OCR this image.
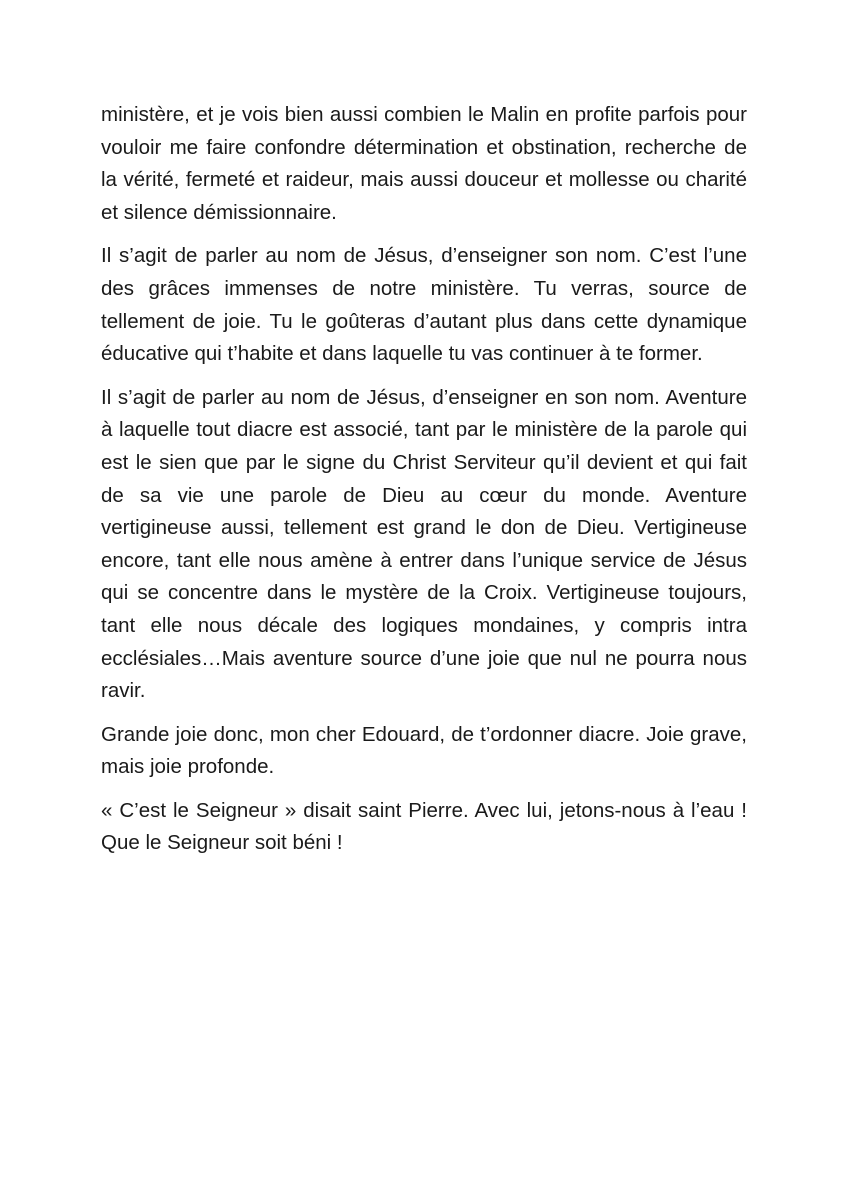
ministère, et je vois bien aussi combien le Malin en profite parfois pour vouloir me faire confondre détermination et obstination, recherche de la vérité, fermeté et raideur, mais aussi douceur et mollesse ou charité et silence démissionnaire.

Il s’agit de parler au nom de Jésus, d’enseigner son nom. C’est l’une des grâces immenses de notre ministère. Tu verras, source de tellement de joie. Tu le goûteras d’autant plus dans cette dynamique éducative qui t’habite et dans laquelle tu vas continuer à te former.

Il s’agit de parler au nom de Jésus, d’enseigner en son nom. Aventure à laquelle tout diacre est associé, tant par le ministère de la parole qui est le sien que par le signe du Christ Serviteur qu’il devient et qui fait de sa vie une parole de Dieu au cœur du monde. Aventure vertigineuse aussi, tellement est grand le don de Dieu. Vertigineuse encore, tant elle nous amène à entrer dans l’unique service de Jésus qui se concentre dans le mystère de la Croix. Vertigineuse toujours, tant elle nous décale des logiques mondaines, y compris intra ecclésiales…Mais aventure source d’une joie que nul ne pourra nous ravir.

Grande joie donc, mon cher Edouard, de t’ordonner diacre. Joie grave, mais joie profonde.

« C’est le Seigneur » disait saint Pierre. Avec lui, jetons-nous à l’eau ! Que le Seigneur soit béni !
